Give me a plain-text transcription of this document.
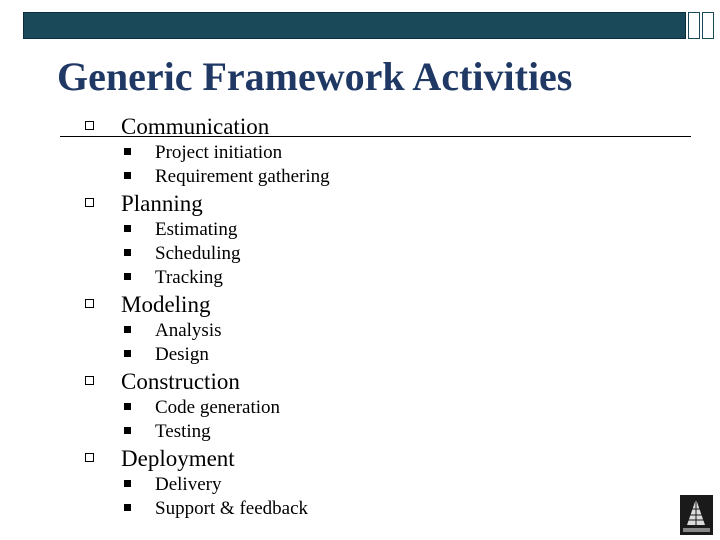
Generic Framework Activities
Communication
Project initiation
Requirement gathering
Planning
Estimating
Scheduling
Tracking
Modeling
Analysis
Design
Construction
Code generation
Testing
Deployment
Delivery
Support & feedback
